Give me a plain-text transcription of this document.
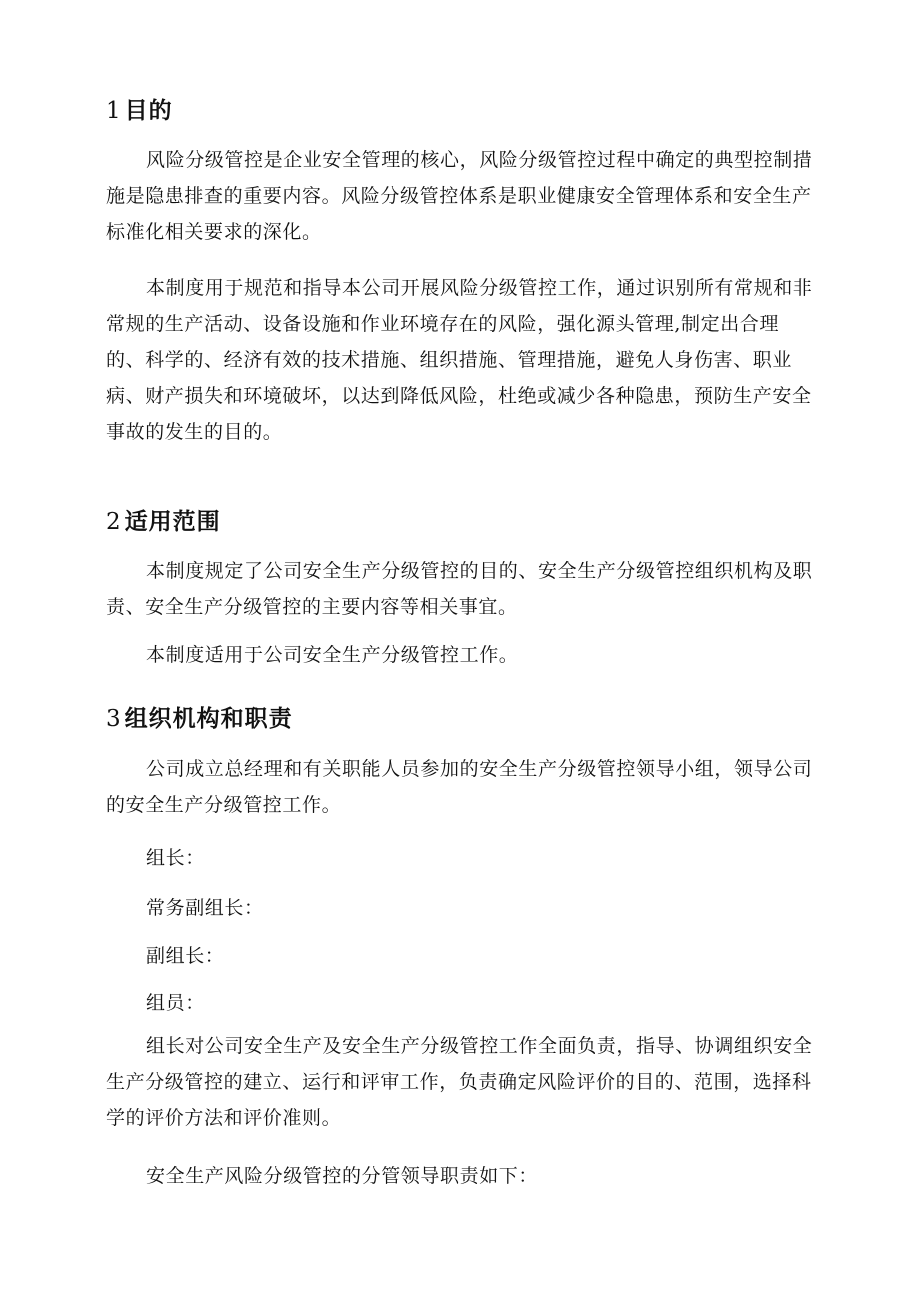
1 目的
风险分级管控是企业安全管理的核心，风险分级管控过程中确定的典型控制措
施是隐患排查的重要内容。风险分级管控体系是职业健康安全管理体系和安全生产
标准化相关要求的深化。
本制度用于规范和指导本公司开展风险分级管控工作，通过识别所有常规和非
常规的生产活动、设备设施和作业环境存在的风险，强化源头管理,制定出合理
的、科学的、经济有效的技术措施、组织措施、管理措施，避免人身伤害、职业
病、财产损失和环境破坏，以达到降低风险，杜绝或减少各种隐患，预防生产安全
事故的发生的目的。
2 适用范围
本制度规定了公司安全生产分级管控的目的、安全生产分级管控组织机构及职
责、安全生产分级管控的主要内容等相关事宜。
本制度适用于公司安全生产分级管控工作。
3 组织机构和职责
公司成立总经理和有关职能人员参加的安全生产分级管控领导小组，领导公司
的安全生产分级管控工作。
组长：
常务副组长：
副组长：
组员：
组长对公司安全生产及安全生产分级管控工作全面负责，指导、协调组织安全
生产分级管控的建立、运行和评审工作，负责确定风险评价的目的、范围，选择科
学的评价方法和评价准则。
安全生产风险分级管控的分管领导职责如下：
